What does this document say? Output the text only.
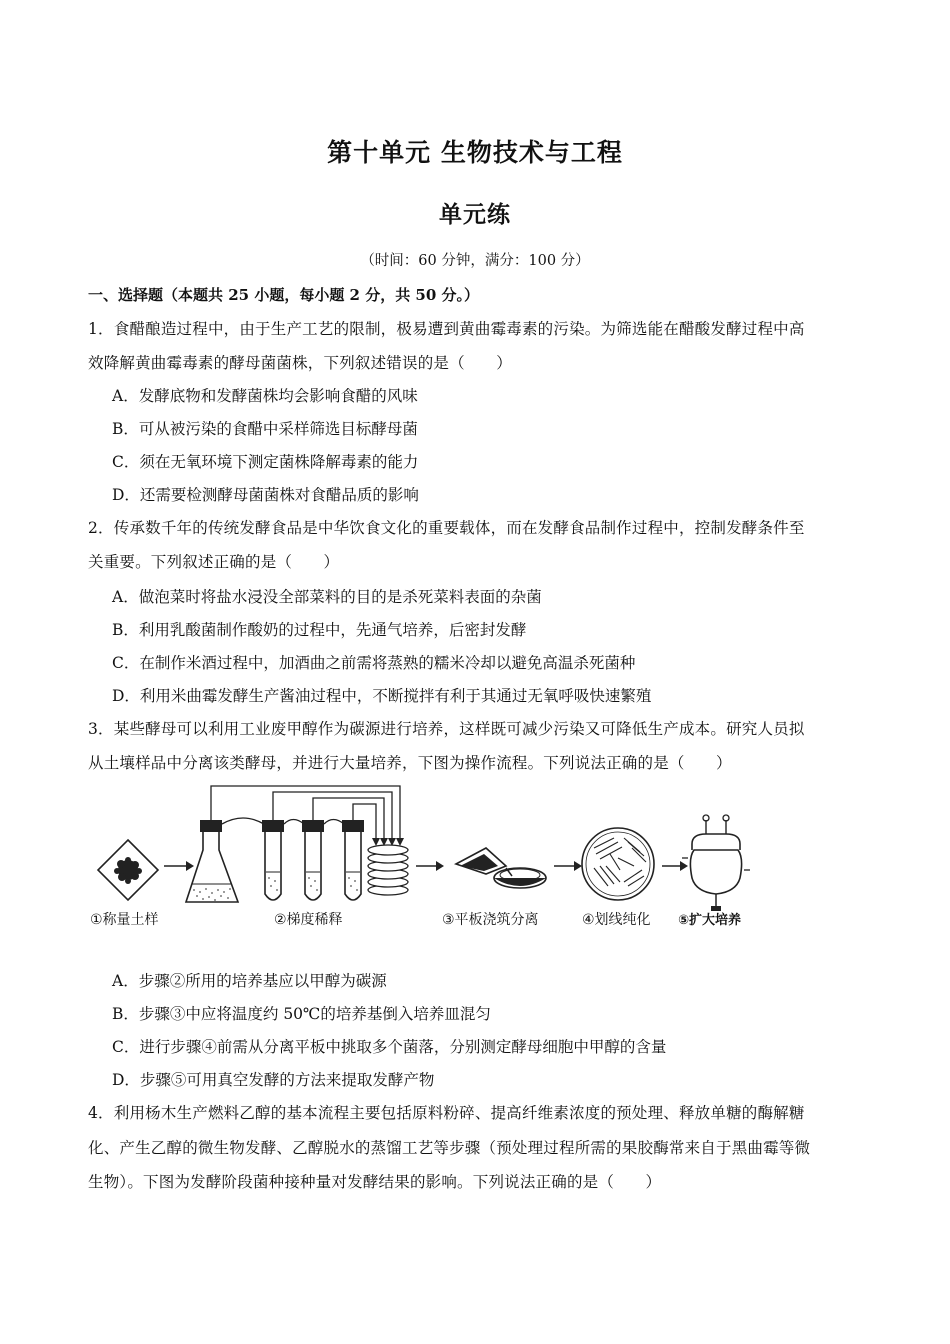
第十单元 生物技术与工程
单元练
（时间：60 分钟，满分：100 分）
一、选择题（本题共 25 小题，每小题 2 分，共 50 分。）
1．食醋酿造过程中，由于生产工艺的限制，极易遭到黄曲霉毒素的污染。为筛选能在醋酸发酵过程中高
效降解黄曲霉毒素的酵母菌菌株，下列叙述错误的是（　　）
A．发酵底物和发酵菌株均会影响食醋的风味
B．可从被污染的食醋中采样筛选目标酵母菌
C．须在无氧环境下测定菌株降解毒素的能力
D．还需要检测酵母菌菌株对食醋品质的影响
2．传承数千年的传统发酵食品是中华饮食文化的重要载体，而在发酵食品制作过程中，控制发酵条件至
关重要。下列叙述正确的是（　　）
A．做泡菜时将盐水浸没全部菜料的目的是杀死菜料表面的杂菌
B．利用乳酸菌制作酸奶的过程中，先通气培养，后密封发酵
C．在制作米酒过程中，加酒曲之前需将蒸熟的糯米冷却以避免高温杀死菌种
D．利用米曲霉发酵生产酱油过程中，不断搅拌有利于其通过无氧呼吸快速繁殖
3．某些酵母可以利用工业废甲醇作为碳源进行培养，这样既可减少污染又可降低生产成本。研究人员拟
从土壤样品中分离该类酵母，并进行大量培养，下图为操作流程。下列说法正确的是（　　）
①称量土样	②梯度稀释	③平板浇筑分离	④划线纯化 ⑤扩大培养
A．步骤②所用的培养基应以甲醇为碳源
B．步骤③中应将温度约 50℃的培养基倒入培养皿混匀
C．进行步骤④前需从分离平板中挑取多个菌落，分别测定酵母细胞中甲醇的含量
D．步骤⑤可用真空发酵的方法来提取发酵产物
4．利用杨木生产燃料乙醇的基本流程主要包括原料粉碎、提高纤维素浓度的预处理、释放单糖的酶解糖
化、产生乙醇的微生物发酵、乙醇脱水的蒸馏工艺等步骤（预处理过程所需的果胶酶常来自于黑曲霉等微
生物）。下图为发酵阶段菌种接种量对发酵结果的影响。下列说法正确的是（　　）
